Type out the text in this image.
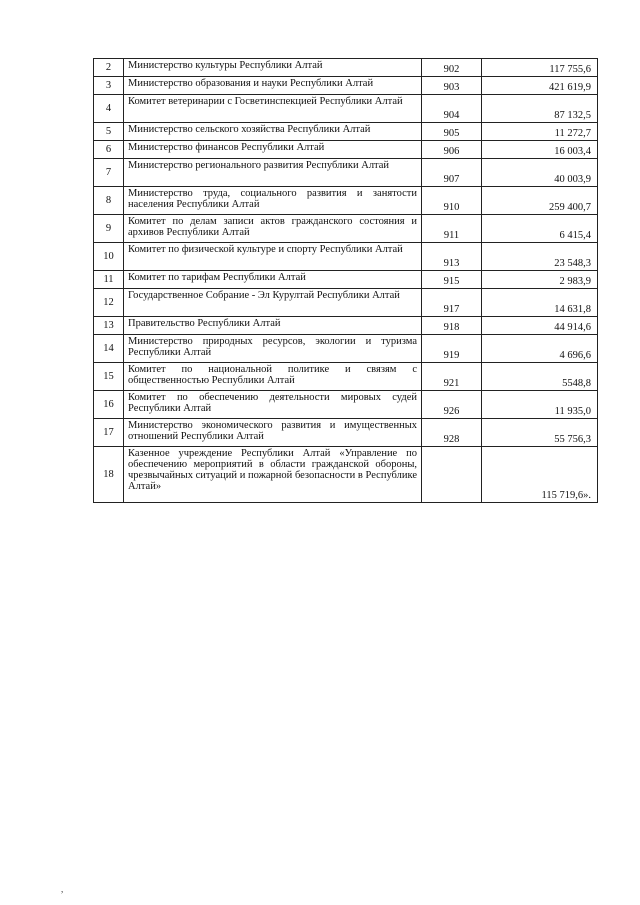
2	Министерство культуры Республики Алтай	902	117 755,6
3	Министерство образования и науки Республики Алтай	903	421 619,9
4	Комитет ветеринарии с Госветинспекцией Республики Алтай	904	87 132,5
5	Министерство сельского хозяйства Республики Алтай	905	11 272,7
6	Министерство финансов Республики Алтай	906	16 003,4
7	Министерство регионального развития Республики Алтай	907	40 003,9
8	Министерство труда, социального развития и занятости населения Республики Алтай	910	259 400,7
9	Комитет по делам записи актов гражданского состояния и архивов Республики Алтай	911	6 415,4
10	Комитет по физической культуре и спорту Республики Алтай	913	23 548,3
11	Комитет по тарифам Республики Алтай	915	2 983,9
12	Государственное Собрание - Эл Курултай Республики Алтай	917	14 631,8
13	Правительство Республики Алтай	918	44 914,6
14	Министерство природных ресурсов, экологии и туризма Республики Алтай	919	4 696,6
15	Комитет по национальной политике и связям с общественностью Республики Алтай	921	5548,8
16	Комитет по обеспечению деятельности мировых судей Республики Алтай	926	11 935,0
17	Министерство экономического развития и имущественных отношений Республики Алтай	928	55 756,3
18	Казенное учреждение Республики Алтай «Управление по обеспечению мероприятий в области гражданской обороны, чрезвычайных ситуаций и пожарной безопасности в Республике Алтай»		115 719,6».
,
